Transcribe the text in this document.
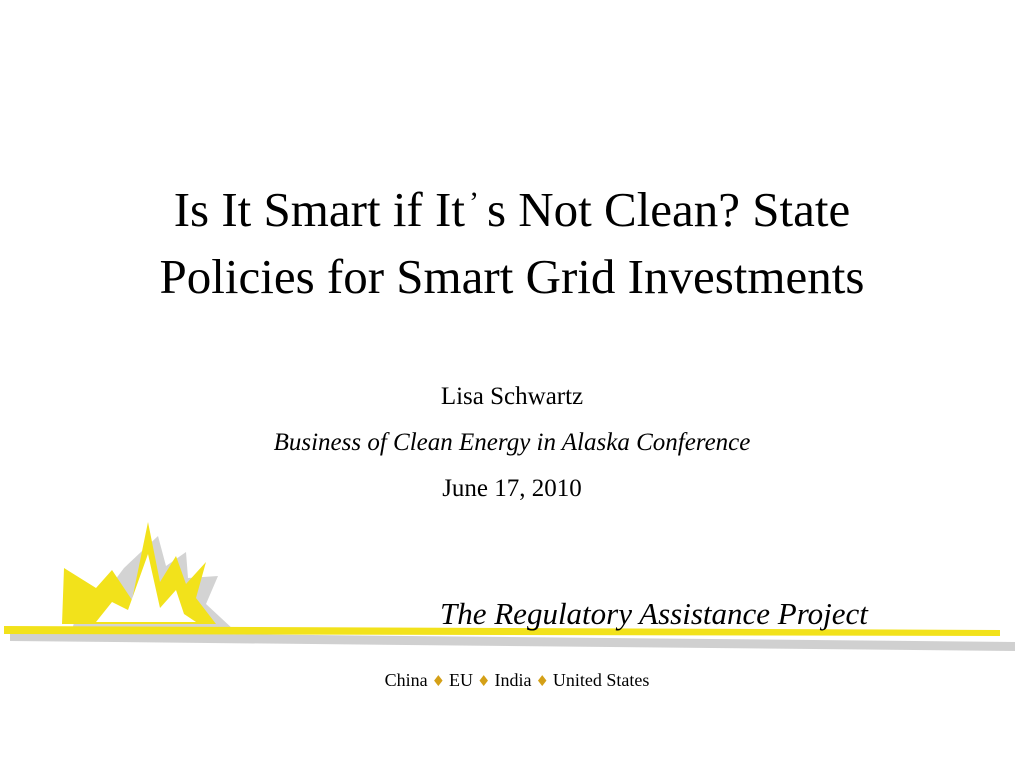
Is It Smart if It ’ s Not Clean? State
Policies for Smart Grid Investments
Lisa Schwartz
Business of Clean Energy in Alaska Conference
June 17, 2010
The Regulatory Assistance Project
China ♦ EU ♦ India ♦ United States
